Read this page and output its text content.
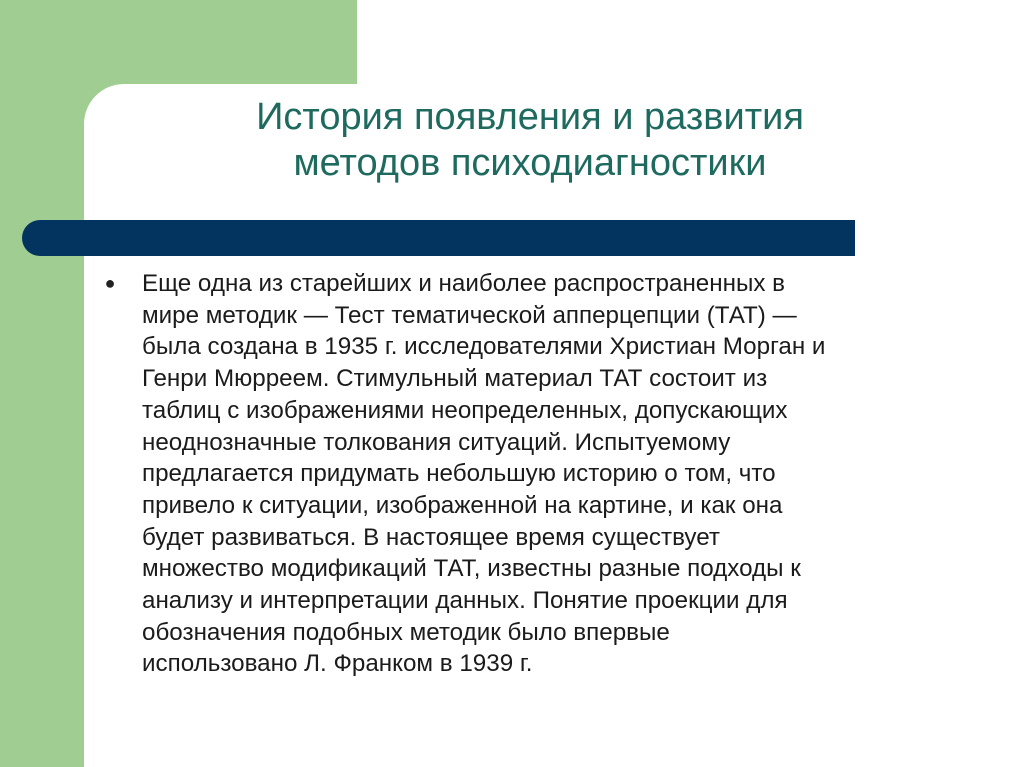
История появления и развития
методов психодиагностики
● Еще одна из старейших и наиболее распространенных в
мире методик — Тест тематической апперцепции (ТАТ) —
была создана в 1935 г. исследователями Христиан Морган и
Генри Мюрреем. Стимульный материал ТАТ состоит из
таблиц с изображениями неопределенных, допускающих
неоднозначные толкования ситуаций. Испытуемому
предлагается придумать небольшую историю о том, что
привело к ситуации, изображенной на картине, и как она
будет развиваться. В настоящее время существует
множество модификаций ТАТ, известны разные подходы к
анализу и интерпретации данных. Понятие проекции для
обозначения подобных методик было впервые
использовано Л. Франком в 1939 г.
